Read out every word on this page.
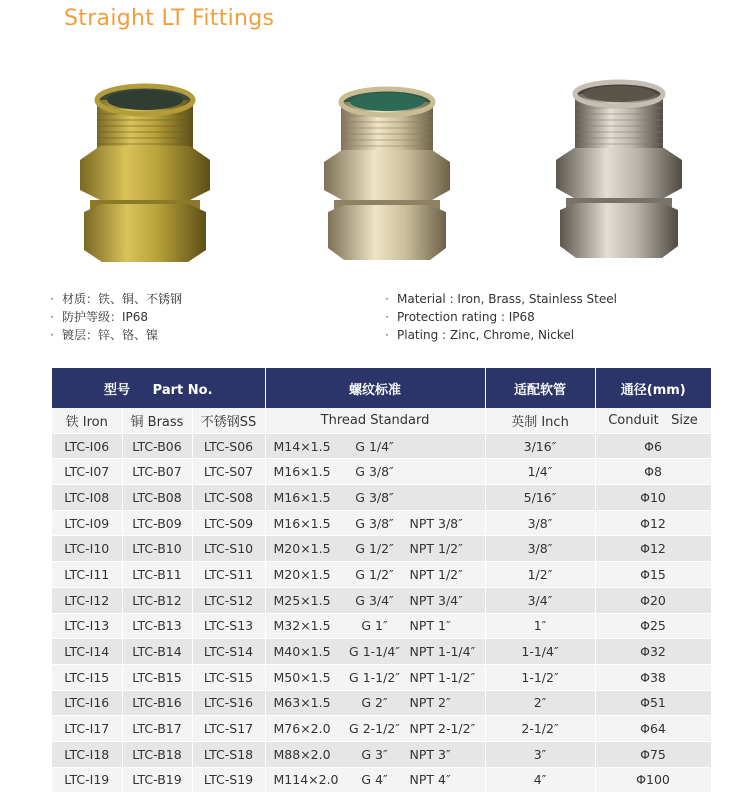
Straight LT Fittings
· 材质：铁、铜、不锈钢
· 防护等级：IP68
· 镀层：锌、铬、镍
· Material : Iron, Brass, Stainless Steel
· Protection rating : IP68
· Plating : Zinc, Chrome, Nickel
型号 Part No.			螺纹标准	适配软管	通径(mm)
铁 Iron	铜 Brass	不锈钢SS	Thread Standard	英制 Inch	Conduit   Size
LTC-I06	LTC-B06	LTC-S06	M14×1.5 G 1/4″	3/16″	Φ6
LTC-I07	LTC-B07	LTC-S07	M16×1.5 G 3/8″	1/4″	Φ8
LTC-I08	LTC-B08	LTC-S08	M16×1.5 G 3/8″	5/16″	Φ10
LTC-I09	LTC-B09	LTC-S09	M16×1.5 G 3/8″ NPT 3/8″	3/8″	Φ12
LTC-I10	LTC-B10	LTC-S10	M20×1.5 G 1/2″ NPT 1/2″	3/8″	Φ12
LTC-I11	LTC-B11	LTC-S11	M20×1.5 G 1/2″ NPT 1/2″	1/2″	Φ15
LTC-I12	LTC-B12	LTC-S12	M25×1.5 G 3/4″ NPT 3/4″	3/4″	Φ20
LTC-I13	LTC-B13	LTC-S13	M32×1.5 G 1″ NPT 1″	1″	Φ25
LTC-I14	LTC-B14	LTC-S14	M40×1.5 G 1-1/4″ NPT 1-1/4″	1-1/4″	Φ32
LTC-I15	LTC-B15	LTC-S15	M50×1.5 G 1-1/2″ NPT 1-1/2″	1-1/2″	Φ38
LTC-I16	LTC-B16	LTC-S16	M63×1.5 G 2″ NPT 2″	2″	Φ51
LTC-I17	LTC-B17	LTC-S17	M76×2.0 G 2-1/2″ NPT 2-1/2″	2-1/2″	Φ64
LTC-I18	LTC-B18	LTC-S18	M88×2.0 G 3″ NPT 3″	3″	Φ75
LTC-I19	LTC-B19	LTC-S19	M114×2.0 G 4″ NPT 4″	4″	Φ100
